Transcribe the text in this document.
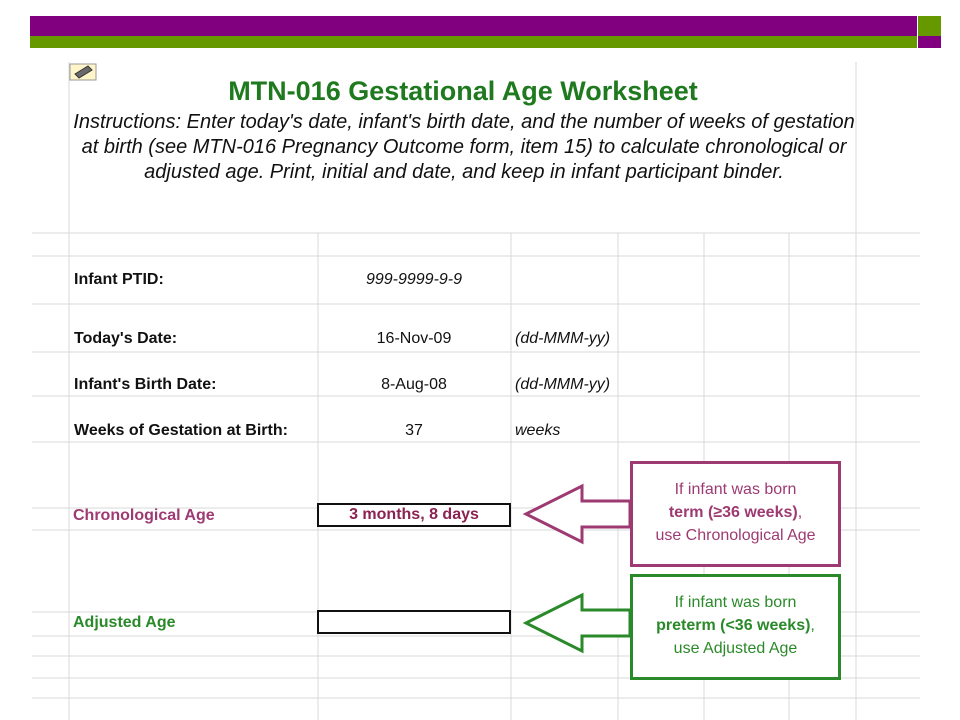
MTN-016 Gestational Age Worksheet
Instructions: Enter today's date, infant's birth date, and the number of weeks of gestation at birth (see MTN-016 Pregnancy Outcome form, item 15) to calculate chronological or adjusted age. Print, initial and date, and keep in infant participant binder.
Infant PTID:	999-9999-9-9
Today's Date:	16-Nov-09	(dd-MMM-yy)
Infant's Birth Date:	8-Aug-08	(dd-MMM-yy)
Weeks of Gestation at Birth:	37	weeks
Chronological Age	3 months, 8 days
Adjusted Age
If infant was born
term (≥36 weeks),
use Chronological Age
If infant was born
preterm (<36 weeks),
use Adjusted Age
